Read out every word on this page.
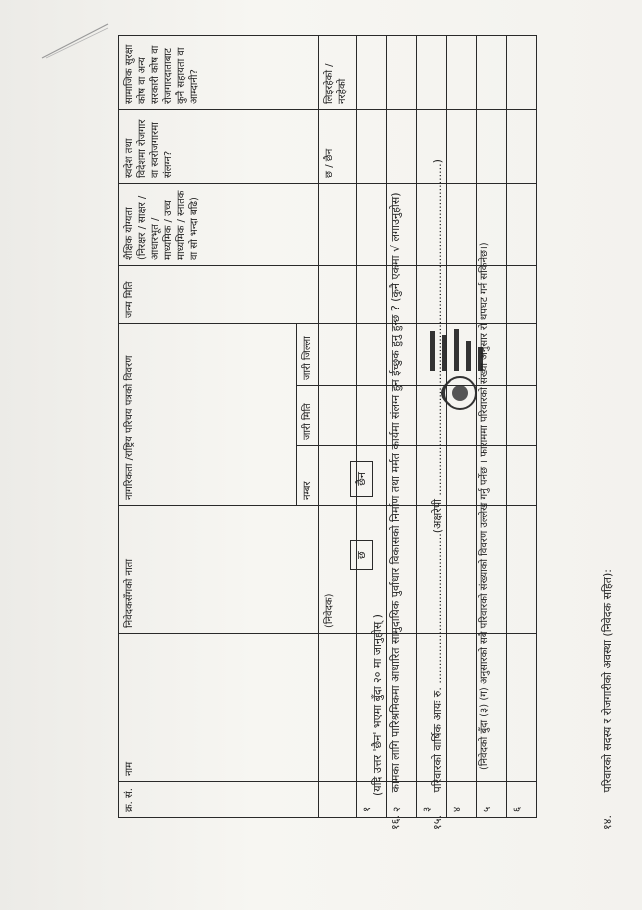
१४. परिवारको सदस्य र रोजगारीको अवस्था (निवेदक सहित):
क्र. सं.	नाम	निवेदकसँगको नाता	नागरिकता /राष्ट्रिय परिचय पत्रको विवरण			जन्म मिति	शैक्षिक योग्यता (निरक्षर / साक्षर / आधारभूत / माध्यमिक / उच्च माध्यमिक / स्नातक वा सो भन्दा बढि)	स्वदेश तथा विदेशमा रोजगार वा स्वरोजगारमा संलग्न?	सामाजिक सुरक्षा कोष वा अन्य सरकारी कोष वा रोजगारदाताबाट कुनै सहायता वा आम्दानी?
			नम्बर	जारी मिति	जारी जिल्ला				
		(निवेदक)						छ / छैन	लिइरहेको / नरहेको
१									
२									
३									
४									
५									
६									
(निवेदको बुँदा (३) (ग) अनुसारको सबै परिवारको संख्याको विवरण उल्लेख गर्नु पर्नेछ । फाराममा परिवारको संख्या अनुसार रो थपघट गर्न सकिनेछ।)
१५. परिवारको वार्षिक आयः रु. ...........................................(अक्षरेपी ...............................................................................................)
१६. कामका लागि पारिश्रमिकमा आधारित सामुदायिक पुर्वाधार विकासको निर्माण तथा मर्मत कार्यमा संलग्न हुन ईच्छुक हुनु हुन्छ ? (कुनै एकमा √ लगाउनुहोस)
(यदि उत्तर 'छैन' भएमा बुँदा २० मा जानुहोस् )
छ छैन
